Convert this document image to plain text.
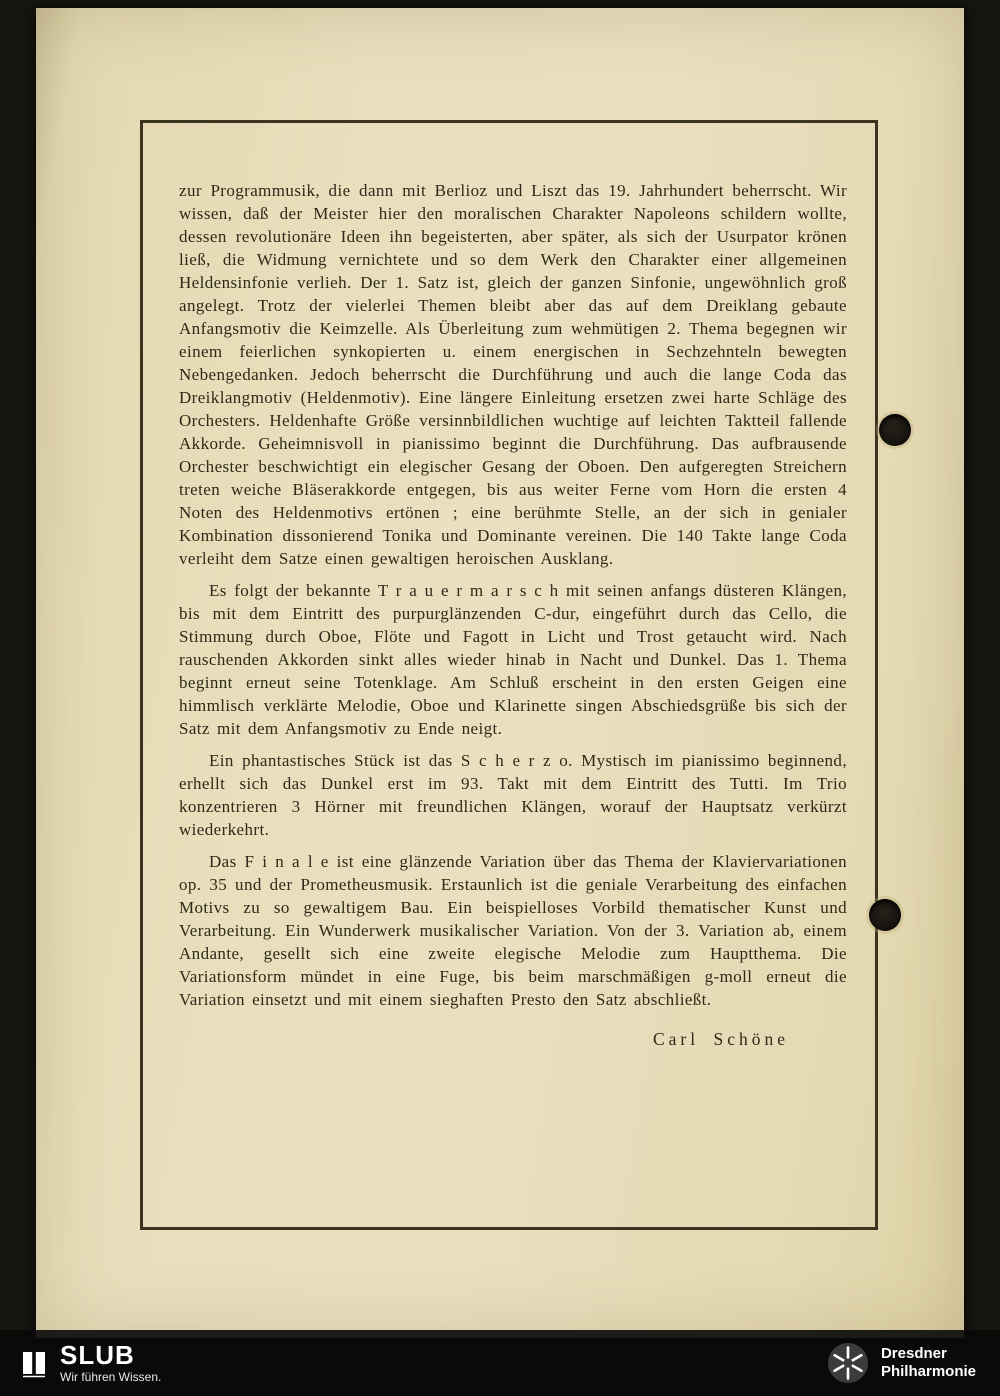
zur Programmusik, die dann mit Berlioz und Liszt das 19. Jahrhundert beherrscht. Wir wissen, daß der Meister hier den moralischen Charakter Napoleons schildern wollte, dessen revolutionäre Ideen ihn begeisterten, aber später, als sich der Usurpator krönen ließ, die Widmung vernichtete und so dem Werk den Charakter einer allgemeinen Heldensinfonie verlieh. Der 1. Satz ist, gleich der ganzen Sinfonie, ungewöhnlich groß angelegt. Trotz der vielerlei Themen bleibt aber das auf dem Dreiklang gebaute Anfangsmotiv die Keimzelle. Als Überleitung zum wehmütigen 2. Thema begegnen wir einem feierlichen synkopierten u. einem energischen in Sechzehnteln bewegten Nebengedanken. Jedoch beherrscht die Durchführung und auch die lange Coda das Dreiklangmotiv (Heldenmotiv). Eine längere Einleitung ersetzen zwei harte Schläge des Orchesters. Heldenhafte Größe versinnbildlichen wuchtige auf leichten Taktteil fallende Akkorde. Geheimnisvoll in pianissimo beginnt die Durchführung. Das aufbrausende Orchester beschwichtigt ein elegischer Gesang der Oboen. Den aufgeregten Streichern treten weiche Bläserakkorde entgegen, bis aus weiter Ferne vom Horn die ersten 4 Noten des Heldenmotivs ertönen ; eine berühmte Stelle, an der sich in genialer Kombination dissonierend Tonika und Dominante vereinen. Die 140 Takte lange Coda verleiht dem Satze einen gewaltigen heroischen Ausklang.

Es folgt der bekannte T r a u e r m a r s c h mit seinen anfangs düsteren Klängen, bis mit dem Eintritt des purpurglänzenden C-dur, eingeführt durch das Cello, die Stimmung durch Oboe, Flöte und Fagott in Licht und Trost getaucht wird. Nach rauschenden Akkorden sinkt alles wieder hinab in Nacht und Dunkel. Das 1. Thema beginnt erneut seine Totenklage. Am Schluß erscheint in den ersten Geigen eine himmlisch verklärte Melodie, Oboe und Klarinette singen Abschiedsgrüße bis sich der Satz mit dem Anfangsmotiv zu Ende neigt.

Ein phantastisches Stück ist das S c h e r z o. Mystisch im pianissimo beginnend, erhellt sich das Dunkel erst im 93. Takt mit dem Eintritt des Tutti. Im Trio konzentrieren 3 Hörner mit freundlichen Klängen, worauf der Hauptsatz verkürzt wiederkehrt.

Das F i n a l e ist eine glänzende Variation über das Thema der Klaviervariationen op. 35 und der Prometheusmusik. Erstaunlich ist die geniale Verarbeitung des einfachen Motivs zu so gewaltigem Bau. Ein beispielloses Vorbild thematischer Kunst und Verarbeitung. Ein Wunderwerk musikalischer Variation. Von der 3. Variation ab, einem Andante, gesellt sich eine zweite elegische Melodie zum Hauptthema. Die Variationsform mündet in eine Fuge, bis beim marschmäßigen g-moll erneut die Variation einsetzt und mit einem sieghaften Presto den Satz abschließt.

Carl Schöne

SLUB
Wir führen Wissen.
Dresdner
Philharmonie
